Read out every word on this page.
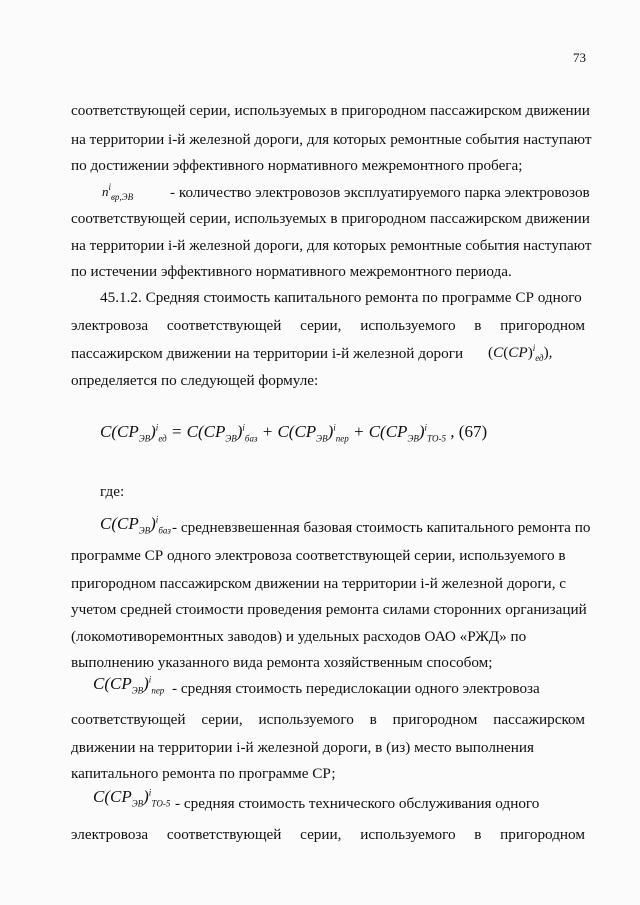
73
соответствующей серии, используемых в пригородном пассажирском движении
на территории i-й железной дороги, для которых ремонтные события наступают
по достижении эффективного нормативного межремонтного пробега;
$n^i_{вр,ЭВ}$ - количество электровозов эксплуатируемого парка электровозов
соответствующей серии, используемых в пригородном пассажирском движении
на территории i-й железной дороги, для которых ремонтные события наступают
по истечении эффективного нормативного межремонтного периода.
45.1.2. Средняя стоимость капитального ремонта по программе СР одного
электровоза соответствующей серии, используемого в пригородном
пассажирском движении на территории i-й железной дороги (C(CP)$^i_{ед}$),
определяется по следующей формуле:
$C(CP_{ЭВ})^i_{ед} = C(CP_{ЭВ})^i_{баз} + C(CP_{ЭВ})^i_{пер} + C(CP_{ЭВ})^i_{ТО-5}$ , (67)
где:
$C(CP_{ЭВ})^i_{баз}$ - средневзвешенная базовая стоимость капитального ремонта по
программе СР одного электровоза соответствующей серии, используемого в
пригородном пассажирском движении на территории i-й железной дороги, с
учетом средней стоимости проведения ремонта силами сторонних организаций
(локомотиворемонтных заводов) и удельных расходов ОАО «РЖД» по
выполнению указанного вида ремонта хозяйственным способом;
$C(CP_{ЭВ})^i_{пер}$ - средняя стоимость передислокации одного электровоза
соответствующей серии, используемого в пригородном пассажирском
движении на территории i-й железной дороги, в (из) место выполнения
капитального ремонта по программе СР;
$C(CP_{ЭВ})^i_{ТО-5}$ - средняя стоимость технического обслуживания одного
электровоза соответствующей серии, используемого в пригородном
